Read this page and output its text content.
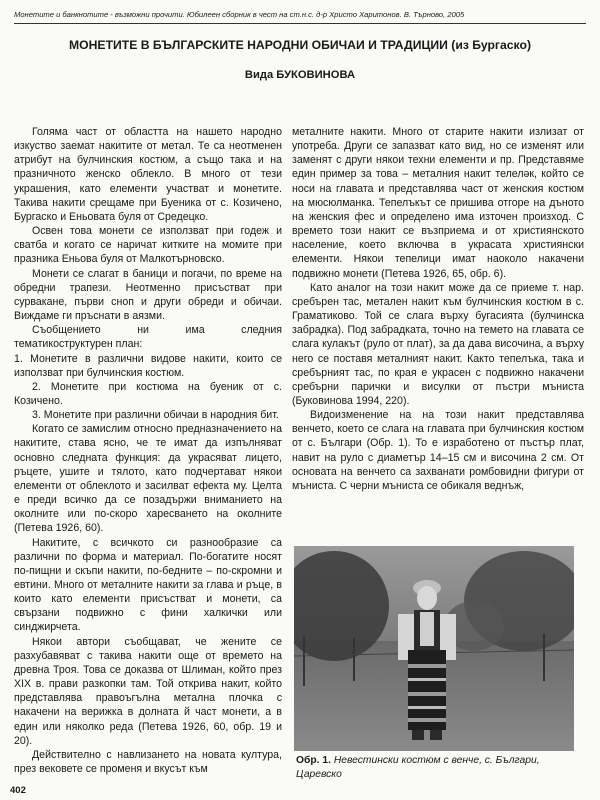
Монетите и банкнотите - възможни прочити. Юбилеен сборник в чест на ст.н.с. д-р Христо Харитонов. В. Търново, 2005
МОНЕТИТЕ В БЪЛГАРСКИТЕ НАРОДНИ ОБИЧАИ И ТРАДИЦИИ (из Бургаско)
Вида БУКОВИНОВА

Голяма част от областта на нашето народно изкуство заемат накитите от метал. Те са неотменен атрибут на булчинския костюм, а също така и на празничното женско облекло. В много от тези украшения, като елементи участват и монетите. Такива накити срещаме при Буеника от с. Козичено, Бургаско и Еньовата буля от Средецко.

Освен това монети се използват при годеж и сватба и когато се наричат китките на момите при празника Еньова буля от Малкотърновско.

Монети се слагат в баници и погачи, по време на обредни трапези. Неотменно присъстват при сурвакане, първи сноп и други обреди и обичаи. Виждаме ги пръснати в аязми.

Съобщението ни има следния тематикоструктурен план:

1. Монетите в различни видове накити, които се използват при булчинския костюм.

2. Монетите при костюма на буеник от с. Козичено.

3. Монетите при различни обичаи в народния бит.

Когато се замислим относно предназначението на накитите, става ясно, че те имат да изпълняват основно следната функция: да украсяват лицето, ръцете, ушите и тялото, като подчертават някои елементи от облеклото и засилват ефекта му. Целта е преди всичко да се позадържи вниманието на околните или по-скоро харесването на околните (Петева 1926, 60).

Накитите, с всичкото си разнообразие са различни по форма и материал. По-богатите носят по-пищни и скъпи накити, по-бедните – по-скромни и евтини. Много от металните накити за глава и ръце, в които като елементи присъстват и монети, са свързани подвижно с фини халкички или синджирчета.

Някои автори съобщават, че жените се разхубавяват с такива накити още от времето на древна Троя. Това се доказва от Шлиман, който през XIX в. прави разкопки там. Той открива накит, който представлява правоъгълна метална плочка с накачени на верижка в долната й част монети, а в един или няколко реда (Петева 1926, 60, обр. 19 и 20).

Действително с навлизането на новата култура, през вековете се променя и вкусът към

металните накити. Много от старите накити излизат от употреба. Други се запазват като вид, но се изменят или заменят с други някои техни елементи и пр. Представяме един пример за това – металния накит телеләк, който се носи на главата и представлява част от женския костюм на мюсюлманка. Тепелъкът се пришива отгоре на дъното на женския фес и определено има източен произход. С времето този накит се възприема и от християнското население, което включва в украсата християнски елементи. Някои тепелици имат наоколо накачени подвижно монети (Петева 1926, 65, обр. 6).

Като аналог на този накит може да се приеме т. нар. сребърен тас, метален накит към булчинския костюм в с. Граматиково. Той се слага върху бугасията (булчинска забрадка). Под забрадката, точно на темето на главата се слага кулакът (руло от плат), за да дава височина, а върху него се поставя металният накит. Както тепелъка, така и сребърният тас, по края е украсен с подвижно накачени сребърни парички и висулки от пъстри мъниста (Буковинова 1994, 220).

Видоизменение на на този накит представлява венчето, което се слага на главата при булчинския костюм от с. Българи (Обр. 1). То е изработено от пъстър плат, навит на руло с диаметър 14–15 см и височина 2 см. От основата на венчето са захванати ромбовидни фигури от мъниста. С черни мъниста се обикаля веднъж,

Обр. 1. Невестински костюм с венче, с. Българи, Царевско
402
